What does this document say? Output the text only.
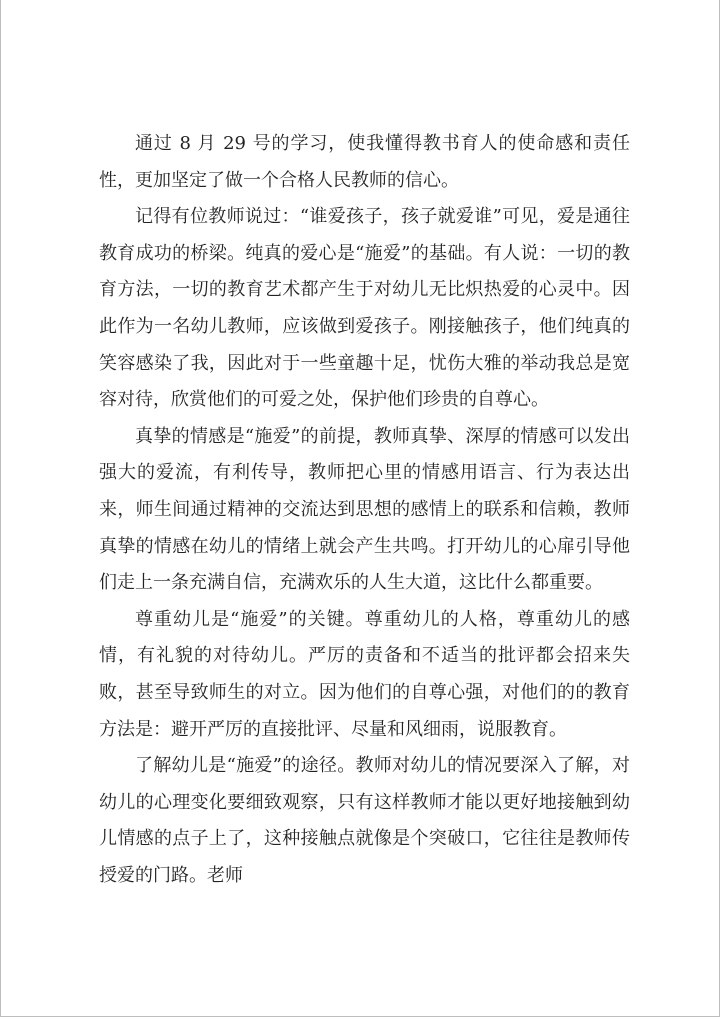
通过 8 月 29 号的学习，使我懂得教书育人的使命感和责任性，更加坚定了做一个合格人民教师的信心。

记得有位教师说过：“谁爱孩子，孩子就爱谁”可见，爱是通往教育成功的桥梁。纯真的爱心是“施爱”的基础。有人说：一切的教育方法，一切的教育艺术都产生于对幼儿无比炽热爱的心灵中。因此作为一名幼儿教师，应该做到爱孩子。刚接触孩子，他们纯真的笑容感染了我，因此对于一些童趣十足，忧伤大雅的举动我总是宽容对待，欣赏他们的可爱之处，保护他们珍贵的自尊心。

真挚的情感是“施爱”的前提，教师真挚、深厚的情感可以发出强大的爱流，有利传导，教师把心里的情感用语言、行为表达出来，师生间通过精神的交流达到思想的感情上的联系和信赖，教师真挚的情感在幼儿的情绪上就会产生共鸣。打开幼儿的心扉引导他们走上一条充满自信，充满欢乐的人生大道，这比什么都重要。

尊重幼儿是“施爱”的关键。尊重幼儿的人格，尊重幼儿的感情，有礼貌的对待幼儿。严厉的责备和不适当的批评都会招来失败，甚至导致师生的对立。因为他们的自尊心强，对他们的的教育方法是：避开严厉的直接批评、尽量和风细雨，说服教育。

了解幼儿是“施爱”的途径。教师对幼儿的情况要深入了解，对幼儿的心理变化要细致观察，只有这样教师才能以更好地接触到幼儿情感的点子上了，这种接触点就像是个突破口，它往往是教师传授爱的门路。老师
